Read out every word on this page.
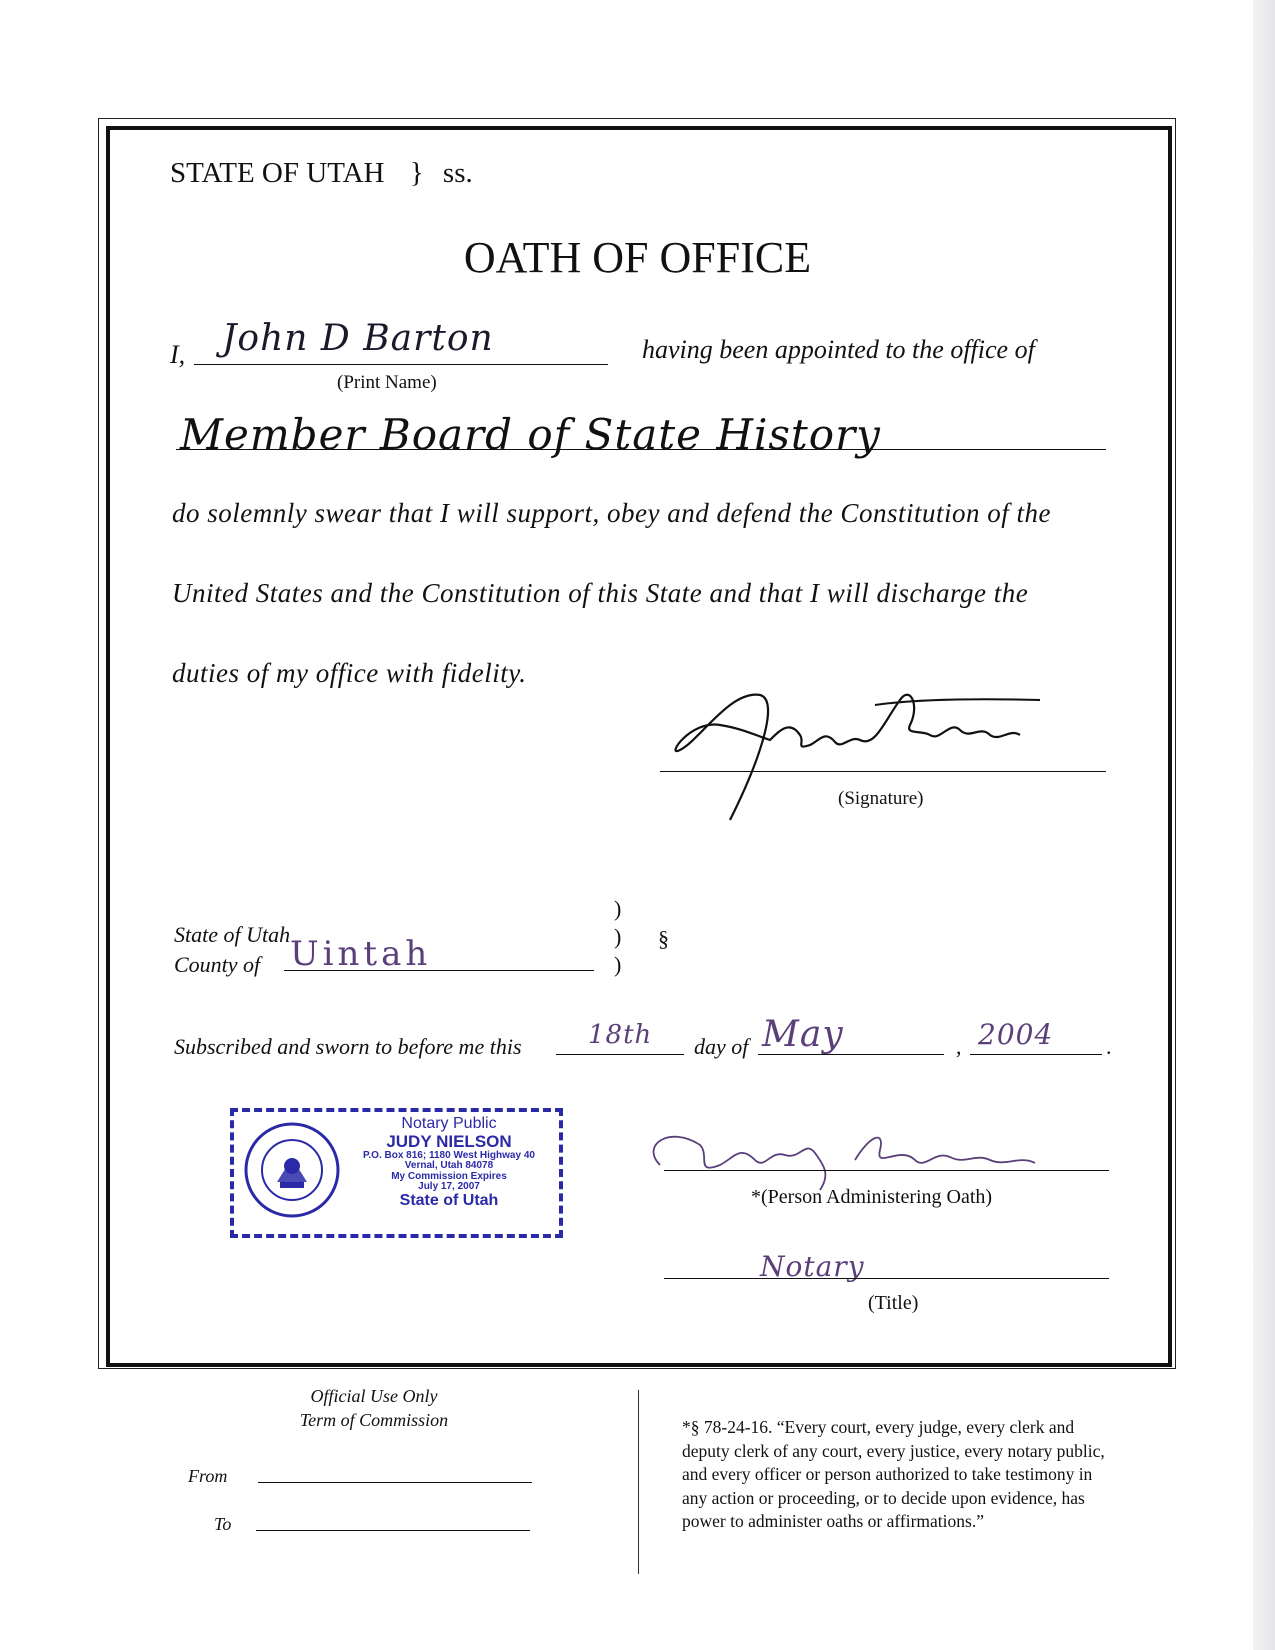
STATE OF UTAH } ss.
OATH OF OFFICE
I, John D Barton
(Print Name)
having been appointed to the office of
Member Board of State History
do solemnly swear that I will support, obey and defend the Constitution of the
United States and the Constitution of this State and that I will discharge the
duties of my office with fidelity.
(Signature)
State of Utah
County of Uintah
)
)
)
§
Subscribed and sworn to before me this	18th day of May	, 2004 .
Notary Public
JUDY NIELSON
P.O. Box 816; 1180 West Highway 40
Vernal, Utah 84078
My Commission Expires
July 17, 2007
State of Utah	*(Person Administering Oath)
Notary
(Title)
Official Use Only
Term of Commission
From
To
*§ 78-24-16. “Every court, every judge, every clerk and
deputy clerk of any court, every justice, every notary public,
and every officer or person authorized to take testimony in
any action or proceeding, or to decide upon evidence, has
power to administer oaths or affirmations.”
